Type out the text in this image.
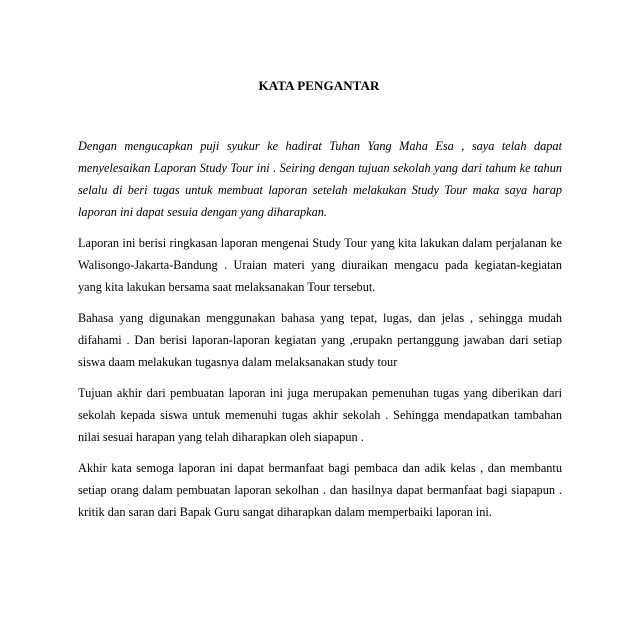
KATA PENGANTAR

Dengan mengucapkan puji syukur ke hadirat Tuhan Yang Maha Esa , saya telah dapat menyelesaikan Laporan Study Tour ini . Seiring dengan tujuan sekolah yang dari tahum ke tahun selalu di beri tugas untuk membuat laporan setelah melakukan Study Tour maka saya harap laporan ini dapat sesuia dengan yang diharapkan.

Laporan ini berisi ringkasan laporan mengenai Study Tour yang kita lakukan dalam perjalanan ke Walisongo-Jakarta-Bandung . Uraian materi yang diuraikan mengacu pada kegiatan-kegiatan yang kita lakukan bersama saat melaksanakan Tour tersebut.

Bahasa yang digunakan menggunakan bahasa yang tepat, lugas, dan jelas , sehingga mudah difahami . Dan berisi laporan-laporan kegiatan yang ,erupakn pertanggung jawaban dari setiap siswa daam melakukan tugasnya dalam melaksanakan study tour

Tujuan akhir dari pembuatan laporan ini juga merupakan pemenuhan tugas yang diberikan dari sekolah kepada siswa untuk memenuhi tugas akhir sekolah . Sehingga mendapatkan tambahan nilai sesuai harapan yang telah diharapkan oleh siapapun .

Akhir kata semoga laporan ini dapat bermanfaat bagi pembaca dan adik kelas , dan membantu setiap orang dalam pembuatan laporan sekolhan . dan hasilnya dapat bermanfaat bagi siapapun . kritik dan saran dari Bapak Guru sangat diharapkan dalam memperbaiki laporan ini.
